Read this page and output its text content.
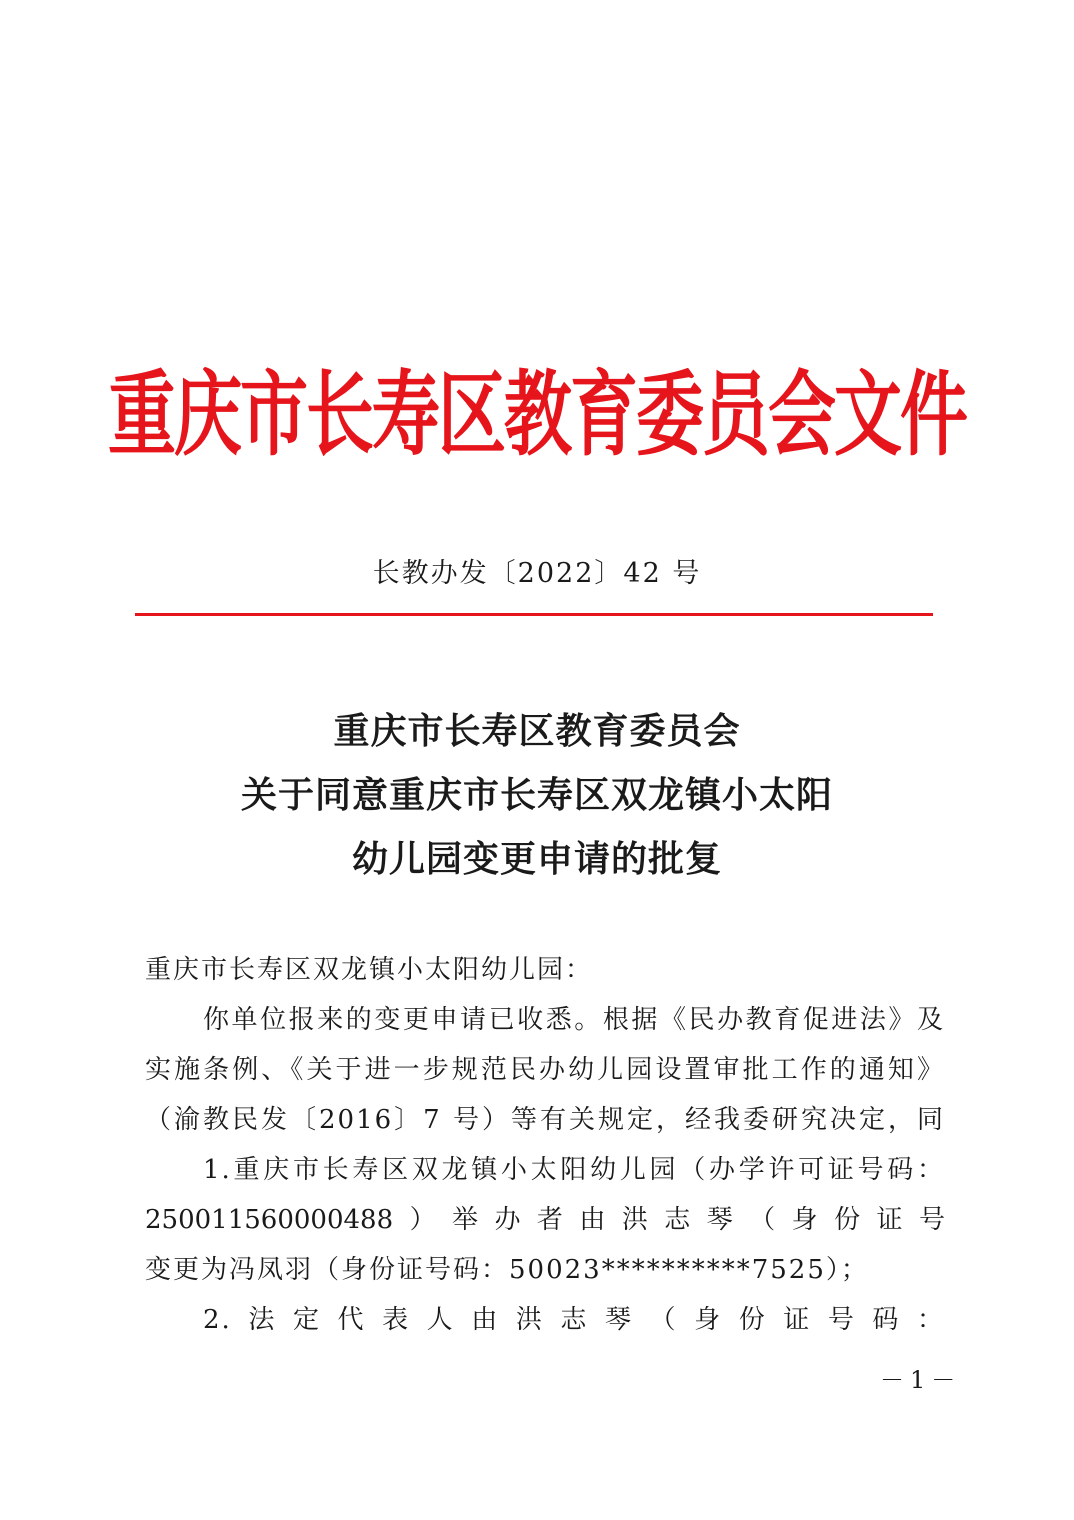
重庆市长寿区教育委员会文件
长教办发〔2022〕42 号
重庆市长寿区教育委员会
关于同意重庆市长寿区双龙镇小太阳
幼儿园变更申请的批复
重庆市长寿区双龙镇小太阳幼儿园：
你单位报来的变更申请已收悉。根据《民办教育促进法》及
实施条例、《关于进一步规范民办幼儿园设置审批工作的通知》
（渝教民发〔2016〕7 号）等有关规定，经我委研究决定，同
1.重庆市长寿区双龙镇小太阳幼儿园（办学许可证号码：
250011560000488）举办者由洪志琴（身份证号
变更为冯凤羽（身份证号码：50023**********7525）；
2.法定代表人由洪志琴（身份证号码：
－1－
